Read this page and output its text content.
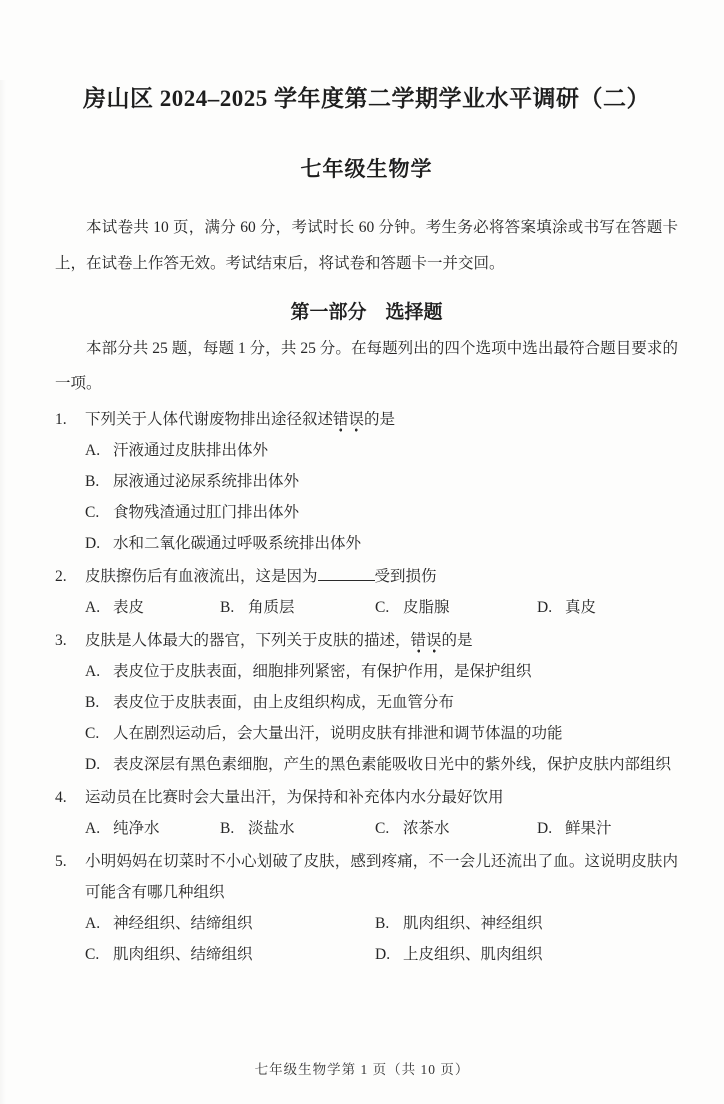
房山区 2024–2025 学年度第二学期学业水平调研（二）
七年级生物学

本试卷共 10 页，满分 60 分，考试时长 60 分钟。考生务必将答案填涂或书写在答题卡上，在试卷上作答无效。考试结束后，将试卷和答题卡一并交回。

第一部分　选择题

本部分共 25 题，每题 1 分，共 25 分。在每题列出的四个选项中选出最符合题目要求的一项。

1. 下列关于人体代谢废物排出途径叙述错误的是

A. 汗液通过皮肤排出体外

B. 尿液通过泌尿系统排出体外

C. 食物残渣通过肛门排出体外

D. 水和二氧化碳通过呼吸系统排出体外

2. 皮肤擦伤后有血液流出，这是因为	受到损伤

A. 表皮	B. 角质层	C. 皮脂腺	D. 真皮

3. 皮肤是人体最大的器官，下列关于皮肤的描述，错误的是

A. 表皮位于皮肤表面，细胞排列紧密，有保护作用，是保护组织

B. 表皮位于皮肤表面，由上皮组织构成，无血管分布

C. 人在剧烈运动后，会大量出汗，说明皮肤有排泄和调节体温的功能

D. 表皮深层有黑色素细胞，产生的黑色素能吸收日光中的紫外线，保护皮肤内部组织

4. 运动员在比赛时会大量出汗，为保持和补充体内水分最好饮用

A. 纯净水	B. 淡盐水	C. 浓茶水	D. 鲜果汁

5. 小明妈妈在切菜时不小心划破了皮肤，感到疼痛，不一会儿还流出了血。这说明皮肤内可能含有哪几种组织

A. 神经组织、结缔组织	B. 肌肉组织、神经组织

C. 肌肉组织、结缔组织	D. 上皮组织、肌肉组织

七年级生物学第 1 页（共 10 页）
